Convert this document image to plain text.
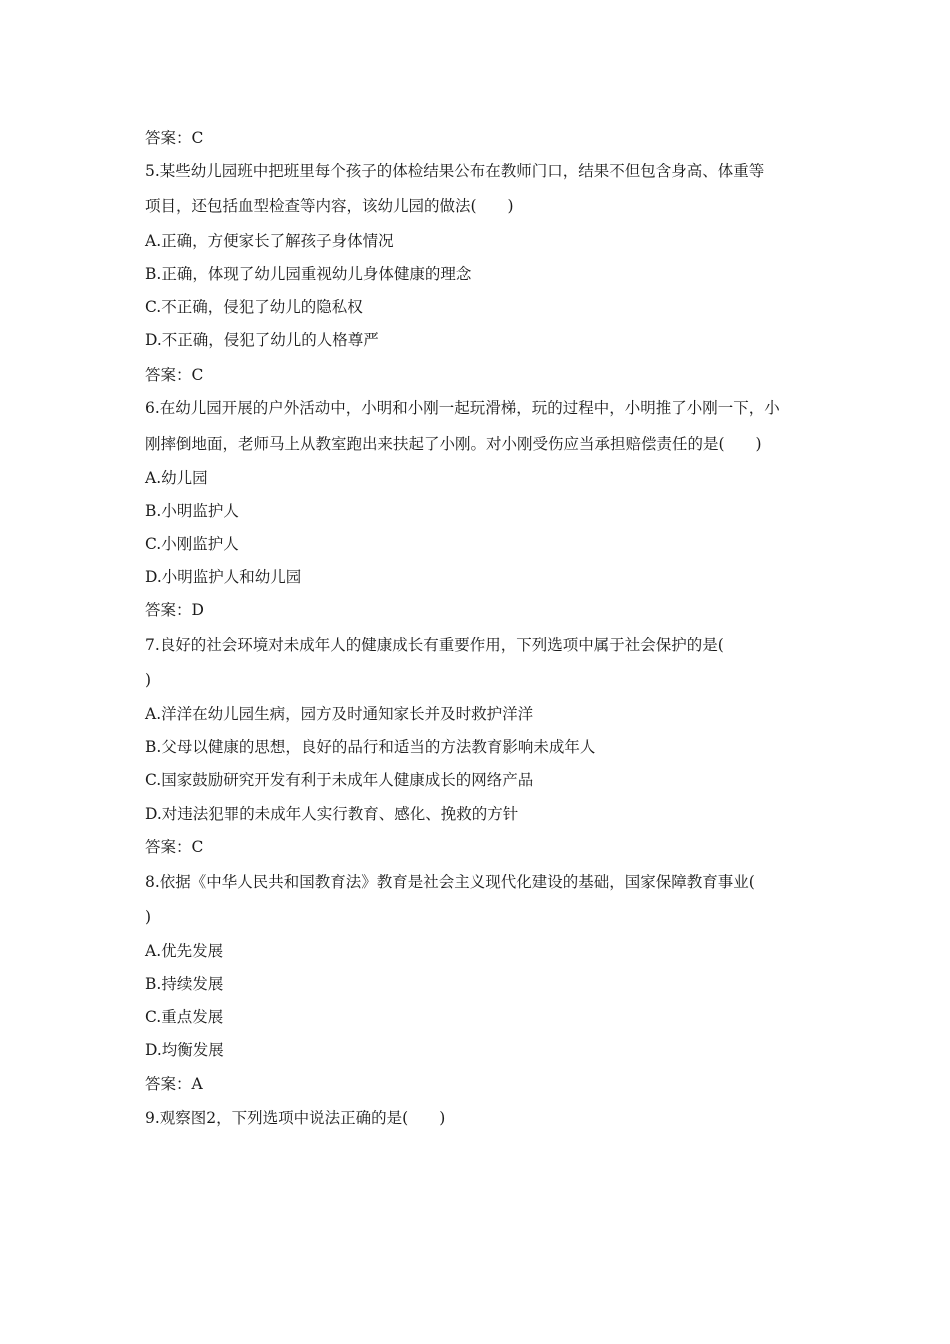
答案：C
5.某些幼儿园班中把班里每个孩子的体检结果公布在教师门口，结果不但包含身高、体重等
项目，还包括血型检查等内容，该幼儿园的做法(　　)
A.正确，方便家长了解孩子身体情况
B.正确，体现了幼儿园重视幼儿身体健康的理念
C.不正确，侵犯了幼儿的隐私权
D.不正确，侵犯了幼儿的人格尊严
答案：C
6.在幼儿园开展的户外活动中，小明和小刚一起玩滑梯，玩的过程中，小明推了小刚一下，小
刚摔倒地面，老师马上从教室跑出来扶起了小刚。对小刚受伤应当承担赔偿责任的是(　　)
A.幼儿园
B.小明监护人
C.小刚监护人
D.小明监护人和幼儿园
答案：D
7.良好的社会环境对未成年人的健康成长有重要作用，下列选项中属于社会保护的是(
)
A.洋洋在幼儿园生病，园方及时通知家长并及时救护洋洋
B.父母以健康的思想，良好的品行和适当的方法教育影响未成年人
C.国家鼓励研究开发有利于未成年人健康成长的网络产品
D.对违法犯罪的未成年人实行教育、感化、挽救的方针
答案：C
8.依据《中华人民共和国教育法》教育是社会主义现代化建设的基础，国家保障教育事业(
)
A.优先发展
B.持续发展
C.重点发展
D.均衡发展
答案：A
9.观察图2，下列选项中说法正确的是(　　)
